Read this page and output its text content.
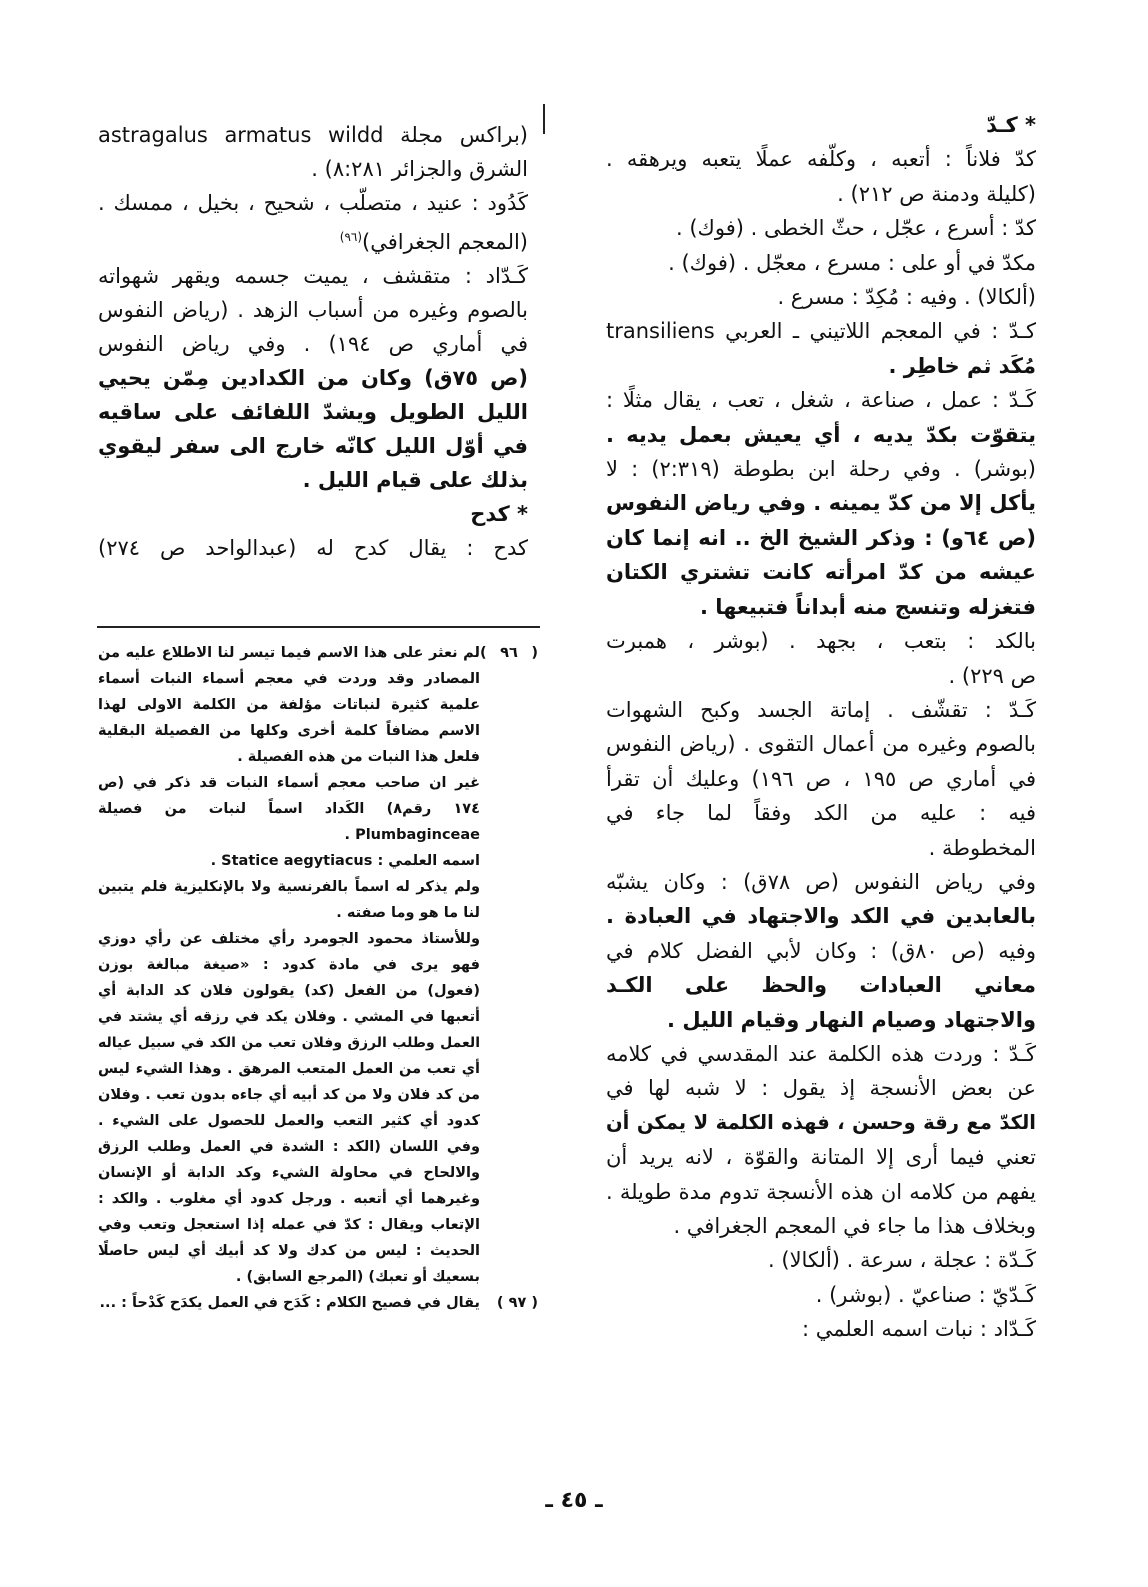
* كـدّ
كدّ فلاناً : أتعبه ، وكلّفه عملًا يتعبه ويرهقه .
(كليلة ودمنة ص ٢١٢) .
كدّ : أسرع ، عجّل ، حثّ الخطى . (فوك) .
مكدّ في أو على : مسرع ، معجّل . (فوك) .
(ألكالا) . وفيه : مُكِدّ : مسرع .
كـدّ : في المعجم اللاتيني ـ العربي transiliens
مُكَد ثم خاطِر .
كَـدّ : عمل ، صناعة ، شغل ، تعب ، يقال مثلًا :
يتقوّت بكدّ يديه ، أي يعيش بعمل يديه .
(بوشر) . وفي رحلة ابن بطوطة (٢:٣١٩) : لا
يأكل إلا من كدّ يمينه . وفي رياض النفوس
(ص ٦٤و) : وذكر الشيخ الخ .. انه إنما كان
عيشه من كدّ امرأته كانت تشتري الكتان
فتغزله وتنسج منه أبداناً فتبيعها .
بالكد : بتعب ، بجهد . (بوشر ، همبرت
ص ٢٢٩) .
كَـدّ : تقشّف . إماتة الجسد وكبح الشهوات
بالصوم وغيره من أعمال التقوى . (رياض النفوس
في أماري ص ١٩٥ ، ص ١٩٦) وعليك أن تقرأ
فيه : عليه من الكد وفقاً لما جاء في
المخطوطة .
وفي رياض النفوس (ص ٧٨ق) : وكان يشبّه
بالعابدين في الكد والاجتهاد في العبادة .
وفيه (ص ٨٠ق) : وكان لأبي الفضل كلام في
معاني العبادات والحظ على الكـد
والاجتهاد وصيام النهار وقيام الليل .
كَـدّ : وردت هذه الكلمة عند المقدسي في كلامه
عن بعض الأنسجة إذ يقول : لا شبه لها في
الكدّ مع رقة وحسن ، فهذه الكلمة لا يمكن أن
تعني فيما أرى إلا المتانة والقوّة ، لانه يريد أن
يفهم من كلامه ان هذه الأنسجة تدوم مدة طويلة .
وبخلاف هذا ما جاء في المعجم الجغرافي .
كَـدّة : عجلة ، سرعة . (ألكالا) .
كَـدّيّ : صناعيّ . (بوشر) .
كَـدّاد : نبات اسمه العلمي :
(براكس مجلة astragalus armatus wildd
الشرق والجزائر ٨:٢٨١) .
كَدُود : عنيد ، متصلّب ، شحيح ، بخيل ، ممسك .
(المعجم الجغرافي)$^{(٩٦)}$
كَـدّاد : متقشف ، يميت جسمه ويقهر شهواته
بالصوم وغيره من أسباب الزهد . (رياض النفوس
في أماري ص ١٩٤) . وفي رياض النفوس
(ص ٧٥ق) وكان من الكدادين مِمّن يحيي
الليل الطويل ويشدّ اللفائف على ساقيه
في أوّل الليل كانّه خارج الى سفر ليقوي
بذلك على قيام الليل .
* كدح
كدح : يقال كدح له (عبدالواحد ص ٢٧٤)
( ٩٦ )لم نعثر على هذا الاسم فيما تيسر لنا الاطلاع عليه من
المصادر وقد وردت في معجم أسماء النبات أسماء
علمية كثيرة لنباتات مؤلفة من الكلمة الاولى لهذا
الاسم مضافاً كلمة أخرى وكلها من الفصيلة البقلية
فلعل هذا النبات من هذه الفصيلة .
غير ان صاحب معجم أسماء النبات قد ذكر في (ص
١٧٤ رقم٨) الكَداد اسماً لنبات من فصيلة
Plumbaginceae .
اسمه العلمي : Statice aegytiacus .
ولم يذكر له اسماً بالفرنسية ولا بالإنكليزية فلم يتبين
لنا ما هو وما صفته .
وللأستاذ محمود الجومرد رأي مختلف عن رأي دوزي
فهو يرى في مادة كدود : «صيغة مبالغة بوزن
(فعول) من الفعل (كد) يقولون فلان كد الدابة أي
أتعبها في المشي . وفلان يكد في رزقه أي يشتد في
العمل وطلب الرزق وفلان تعب من الكد في سبيل عياله
أي تعب من العمل المتعب المرهق . وهذا الشيء ليس
من كد فلان ولا من كد أبيه أي جاءه بدون تعب . وفلان
كدود أي كثير التعب والعمل للحصول على الشيء .
وفي اللسان (الكد : الشدة في العمل وطلب الرزق
والالحاح في محاولة الشيء وكد الدابة أو الإنسان
وغيرهما أي أتعبه . ورجل كدود أي مغلوب . والكد :
الإتعاب ويقال : كدّ في عمله إذا استعجل وتعب وفي
الحديث : ليس من كدك ولا كد أبيك أي ليس حاصلًا
بسعيك أو تعبك) (المرجع السابق) .
( ٩٧ )يقال في فصيح الكلام : كَدَح في العمل يكدَح كَدْحاً : ...
ـ ٤٥ ـ
